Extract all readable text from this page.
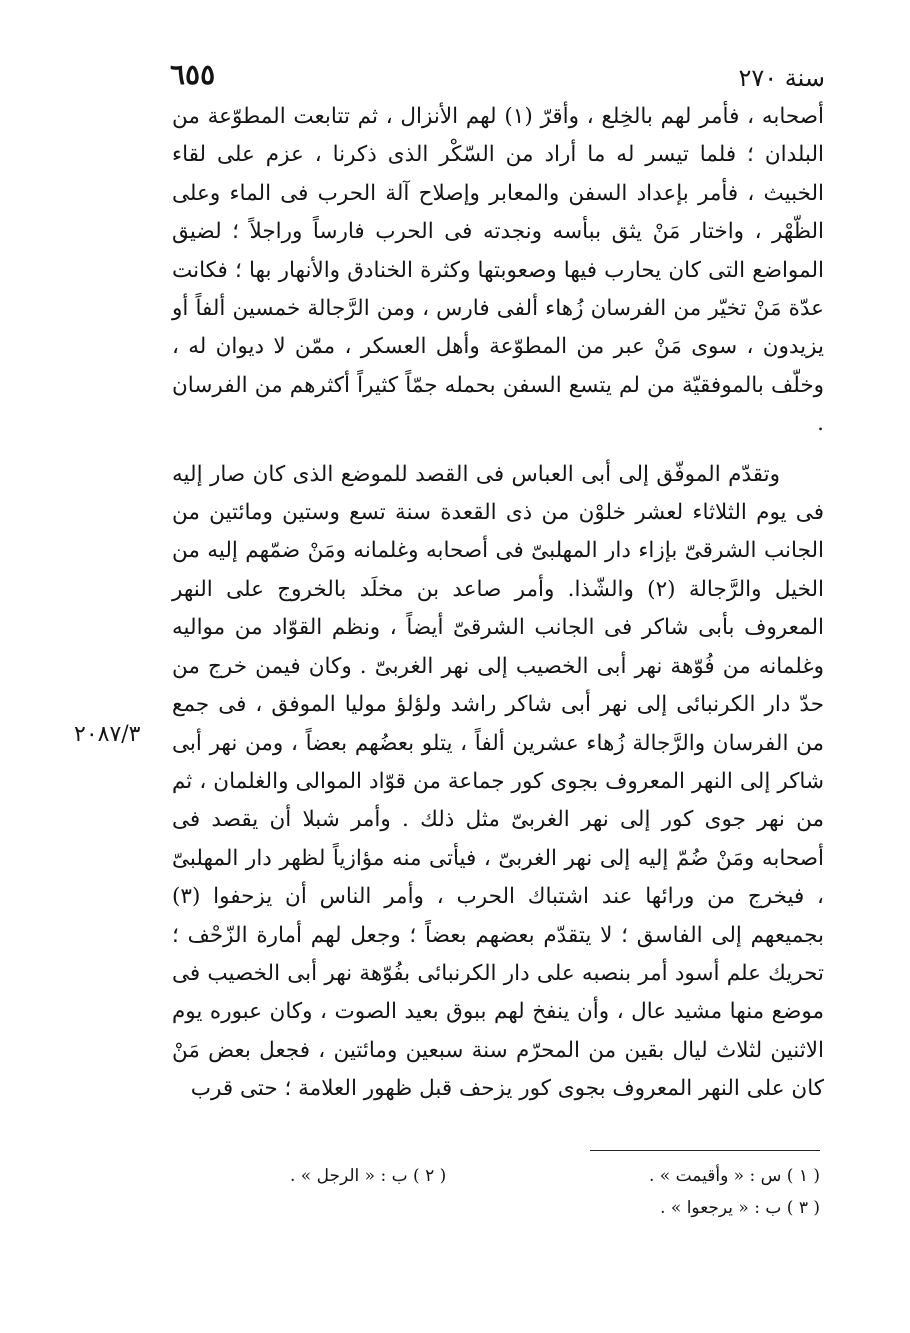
سنة ٢٧٠
٦٥٥

أصحابه ، فأمر لهم بالخِلع ، وأقرّ (١) لهم الأنزال ، ثم تتابعت المطوّعة من البلدان ؛ فلما تيسر له ما أراد من السّكْر الذى ذكرنا ، عزم على لقاء الخبيث ، فأمر بإعداد السفن والمعابر وإصلاح آلة الحرب فى الماء وعلى الظّهْر ، واختار مَنْ يثق ببأسه ونجدته فى الحرب فارساً وراجلاً ؛ لضيق المواضع التى كان يحارب فيها وصعوبتها وكثرة الخنادق والأنهار بها ؛ فكانت عدّة مَنْ تخيّر من الفرسان زُهاء ألفى فارس ، ومن الرَّجالة خمسين ألفاً أو يزيدون ، سوى مَنْ عبر من المطوّعة وأهل العسكر ، ممّن لا ديوان له ، وخلّف بالموفقيّة من لم يتسع السفن بحمله جمّاً كثيراً أكثرهم من الفرسان .

وتقدّم الموفّق إلى أبى العباس فى القصد للموضع الذى كان صار إليه فى يوم الثلاثاء لعشر خلوْن من ذى القعدة سنة تسع وستين ومائتين من الجانب الشرقىّ بإزاء دار المهلبىّ فى أصحابه وغلمانه ومَنْ ضمّهم إليه من الخيل والرَّجالة (٢) والشّذا. وأمر صاعد بن مخلَد بالخروج على النهر المعروف بأبى شاكر فى الجانب الشرقىّ أيضاً ، ونظم القوّاد من مواليه وغلمانه من فُوّهة نهر أبى الخصيب إلى نهر الغربىّ . وكان فيمن خرج من حدّ دار الكرنبائى إلى نهر أبى شاكر راشد ولؤلؤ موليا الموفق ، فى جمع من الفرسان والرَّجالة زُهاء عشرين ألفاً ، يتلو بعضُهم بعضاً ، ومن نهر أبى شاكر إلى النهر المعروف بجوى كور جماعة من قوّاد الموالى والغلمان ، ثم من نهر جوى كور إلى نهر الغربىّ مثل ذلك . وأمر شبلا أن يقصد فى أصحابه ومَنْ ضُمّ إليه إلى نهر الغربىّ ، فيأتى منه مؤازياً لظهر دار المهلبىّ ، فيخرج من ورائها عند اشتباك الحرب ، وأمر الناس أن يزحفوا (٣) بجميعهم إلى الفاسق ؛ لا يتقدّم بعضهم بعضاً ؛ وجعل لهم أمارة الزّحْف ؛ تحريك علم أسود أمر بنصبه على دار الكرنبائى بفُوّهة نهر أبى الخصيب فى موضع منها مشيد عال ، وأن ينفخ لهم ببوق بعيد الصوت ، وكان عبوره يوم الاثنين لثلاث ليال بقين من المحرّم سنة سبعين ومائتين ، فجعل بعض مَنْ كان على النهر المعروف بجوى كور يزحف قبل ظهور العلامة ؛ حتى قرب

٢٠٨٧/٣
( ١ ) س : « وأقيمت » .
( ٢ ) ب : « الرجل » .
( ٣ ) ب : « يرجعوا » .
